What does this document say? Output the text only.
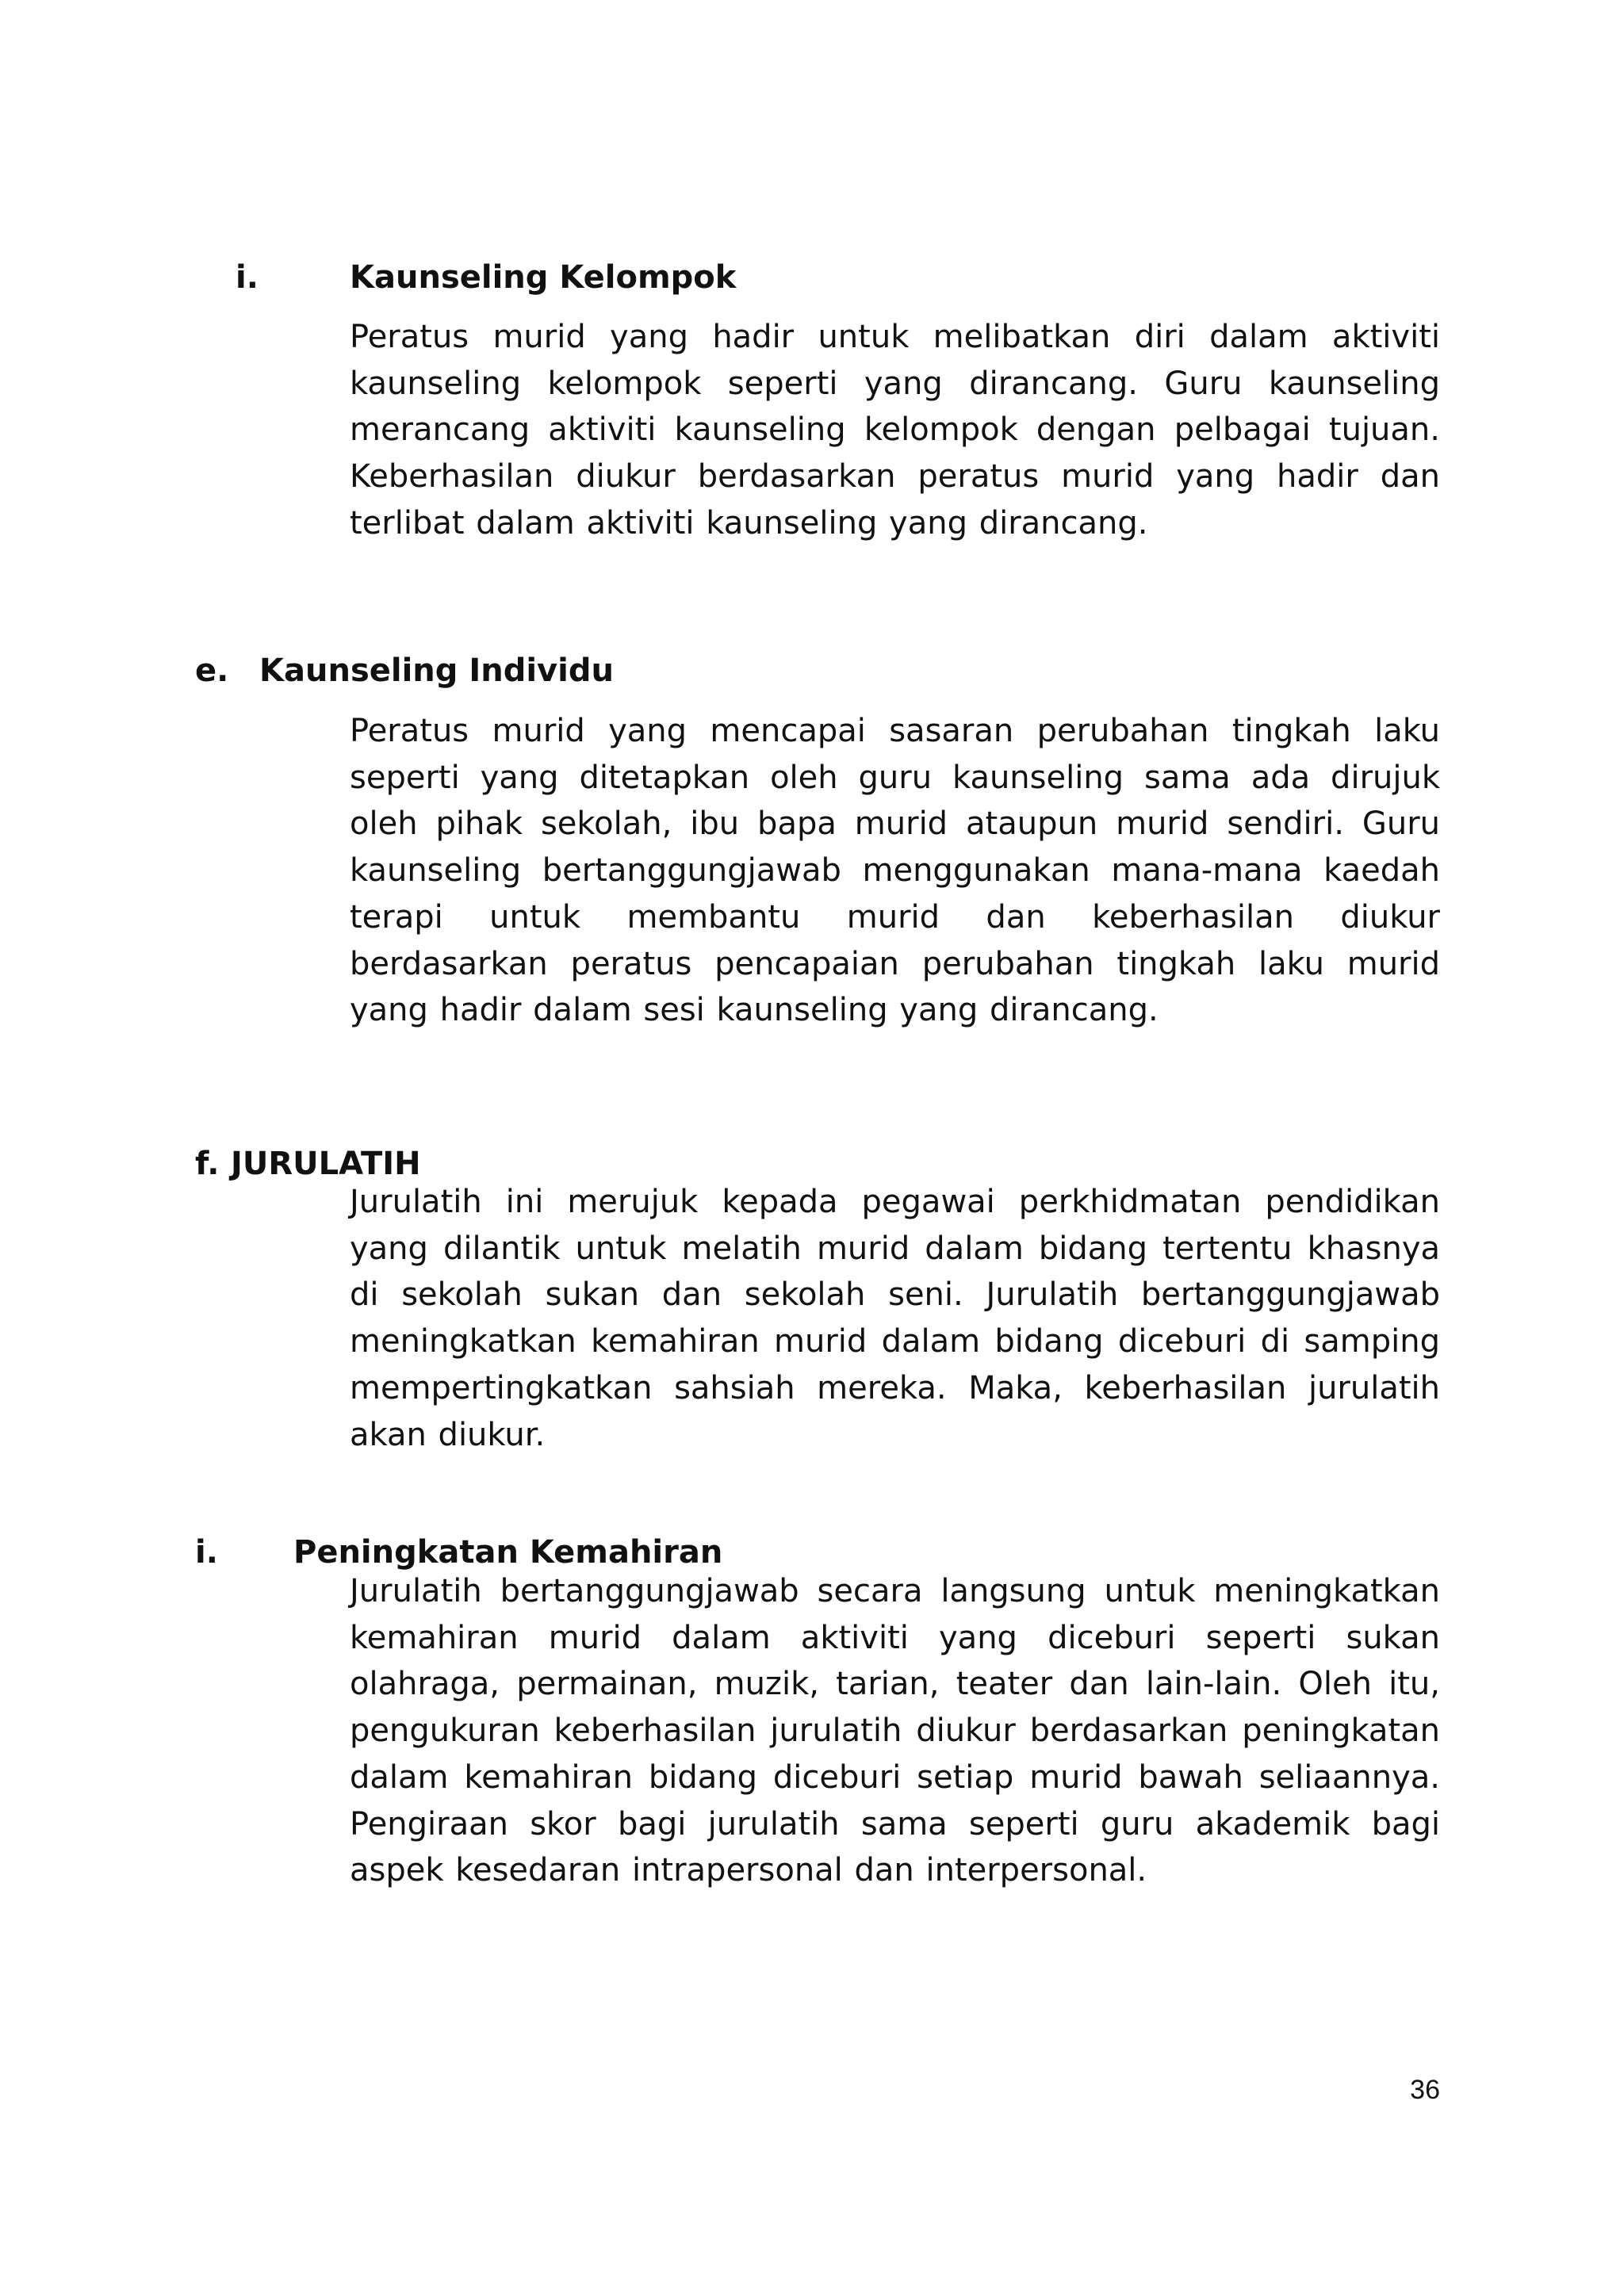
i.	Kaunseling Kelompok
Peratus murid yang hadir untuk melibatkan diri dalam aktiviti kaunseling kelompok seperti yang dirancang. Guru kaunseling merancang aktiviti kaunseling kelompok dengan pelbagai tujuan. Keberhasilan diukur berdasarkan peratus murid yang hadir dan terlibat dalam aktiviti kaunseling yang dirancang.
e. Kaunseling Individu
Peratus murid yang mencapai sasaran perubahan tingkah laku seperti yang ditetapkan oleh guru kaunseling sama ada dirujuk oleh pihak sekolah, ibu bapa murid ataupun murid sendiri. Guru kaunseling bertanggungjawab menggunakan mana-mana kaedah terapi untuk membantu murid dan keberhasilan diukur berdasarkan peratus pencapaian perubahan tingkah laku murid yang hadir dalam sesi kaunseling yang dirancang.
f. JURULATIH
Jurulatih ini merujuk kepada pegawai perkhidmatan pendidikan yang dilantik untuk melatih murid dalam bidang tertentu khasnya di sekolah sukan dan sekolah seni. Jurulatih bertanggungjawab meningkatkan kemahiran murid dalam bidang diceburi di samping mempertingkatkan sahsiah mereka. Maka, keberhasilan jurulatih akan diukur.
i. Peningkatan Kemahiran
Jurulatih bertanggungjawab secara langsung untuk meningkatkan kemahiran murid dalam aktiviti yang diceburi seperti sukan olahraga, permainan, muzik, tarian, teater dan lain-lain. Oleh itu, pengukuran keberhasilan jurulatih diukur berdasarkan peningkatan dalam kemahiran bidang diceburi setiap murid bawah seliaannya. Pengiraan skor bagi jurulatih sama seperti guru akademik bagi aspek kesedaran intrapersonal dan interpersonal.
36
